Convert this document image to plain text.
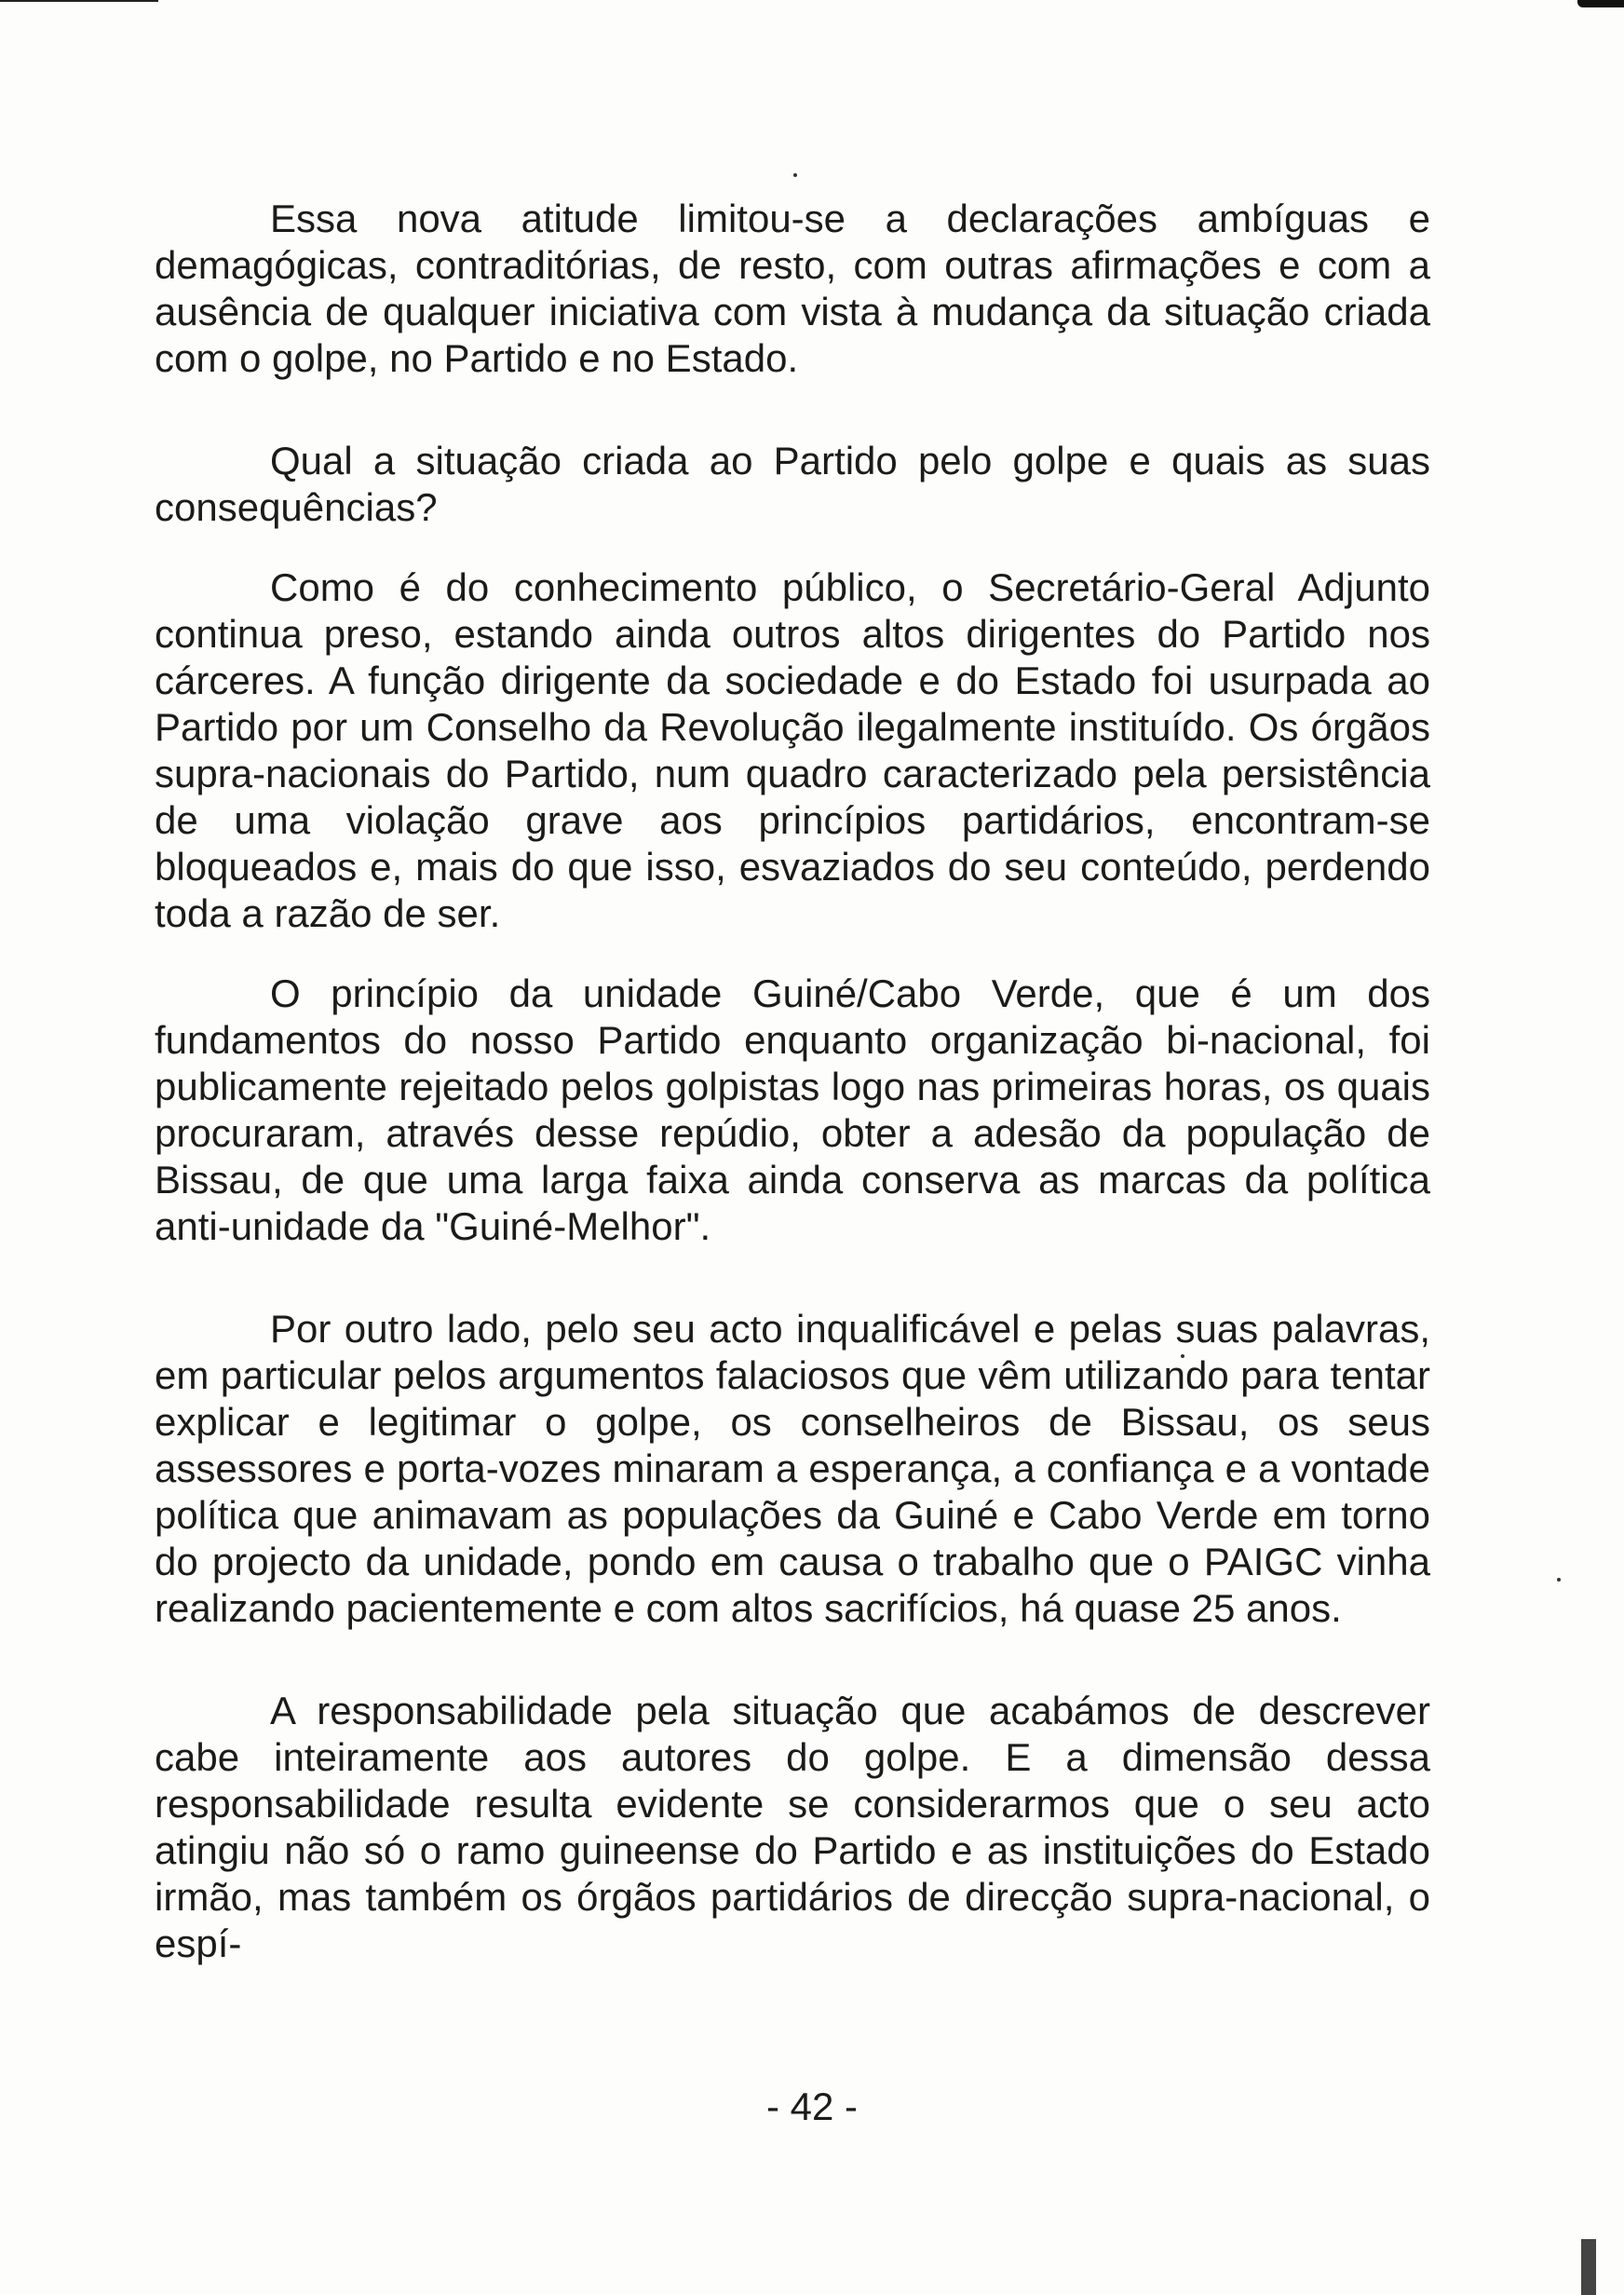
Essa nova atitude limitou-se a declarações ambíguas e demagógicas, contraditórias, de resto, com outras afirmações e com a ausência de qualquer iniciativa com vista à mudança da situação criada com o golpe, no Partido e no Estado.

Qual a situação criada ao Partido pelo golpe e quais as suas consequências?

Como é do conhecimento público, o Secretário-Geral Adjunto continua preso, estando ainda outros altos dirigentes do Partido nos cárceres. A função dirigente da sociedade e do Estado foi usurpada ao Partido por um Conselho da Revolução ilegalmente instituído. Os órgãos supra-nacionais do Partido, num quadro caracterizado pela persistência de uma violação grave aos princípios partidários, encontram-se bloqueados e, mais do que isso, esvaziados do seu conteúdo, perdendo toda a razão de ser.

O princípio da unidade Guiné/Cabo Verde, que é um dos fundamentos do nosso Partido enquanto organização bi-nacional, foi publicamente rejeitado pelos golpistas logo nas primeiras horas, os quais procuraram, através desse repúdio, obter a adesão da população de Bissau, de que uma larga faixa ainda conserva as marcas da política anti-unidade da "Guiné-Melhor".

Por outro lado, pelo seu acto inqualificável e pelas suas palavras, em particular pelos argumentos falaciosos que vêm utilizando para tentar explicar e legitimar o golpe, os conselheiros de Bissau, os seus assessores e porta-vozes minaram a esperança, a confiança e a vontade política que animavam as populações da Guiné e Cabo Verde em torno do projecto da unidade, pondo em causa o trabalho que o PAIGC vinha realizando pacientemente e com altos sacrifícios, há quase 25 anos.

A responsabilidade pela situação que acabámos de descrever cabe inteiramente aos autores do golpe. E a dimensão dessa responsabilidade resulta evidente se considerarmos que o seu acto atingiu não só o ramo guineense do Partido e as instituições do Estado irmão, mas também os órgãos partidários de direcção supra-nacional, o espí-

- 42 -
